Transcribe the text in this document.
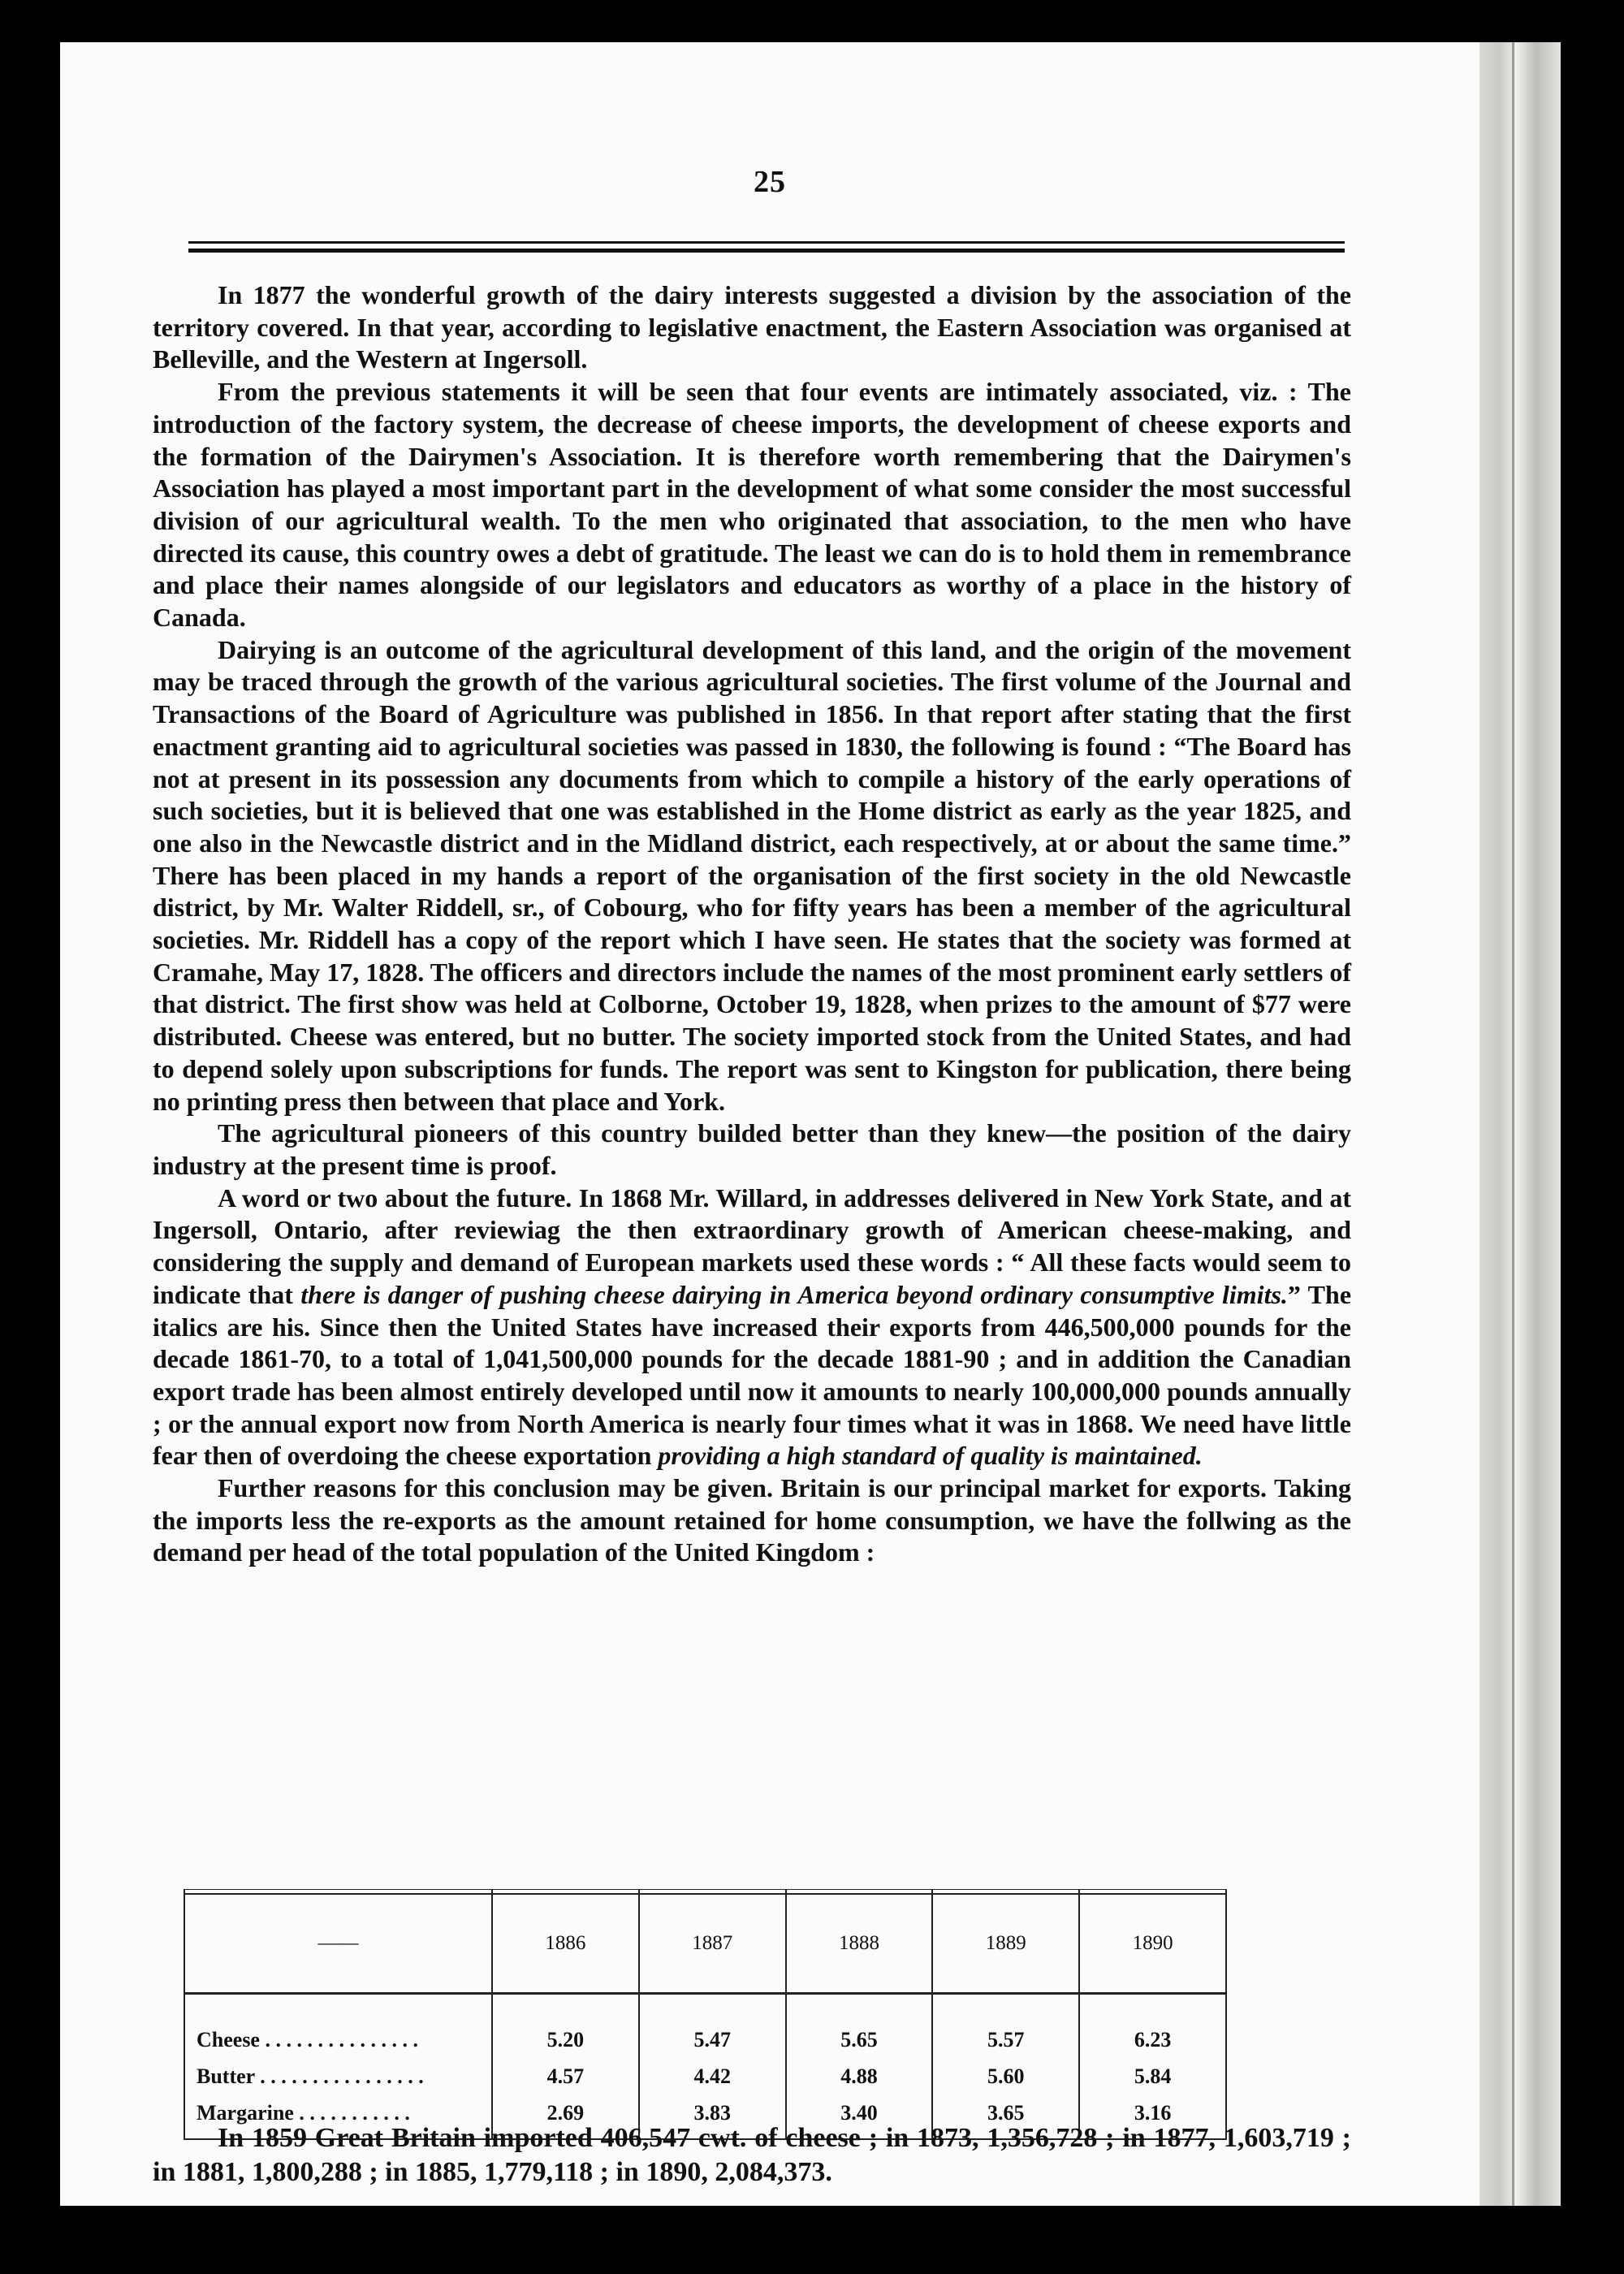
25

In 1877 the wonderful growth of the dairy interests suggested a division by the association of the territory covered. In that year, according to legislative enactment, the Eastern Association was organised at Belleville, and the Western at Ingersoll.

From the previous statements it will be seen that four events are intimately associated, viz. : The introduction of the factory system, the decrease of cheese imports, the development of cheese exports and the formation of the Dairymen's Association. It is therefore worth remembering that the Dairymen's Association has played a most important part in the development of what some consider the most successful division of our agricultural wealth. To the men who originated that association, to the men who have directed its cause, this country owes a debt of gratitude. The least we can do is to hold them in remembrance and place their names alongside of our legislators and educators as worthy of a place in the history of Canada.

Dairying is an outcome of the agricultural development of this land, and the origin of the movement may be traced through the growth of the various agricultural societies. The first volume of the Journal and Transactions of the Board of Agriculture was published in 1856. In that report after stating that the first enactment granting aid to agricultural societies was passed in 1830, the following is found : “The Board has not at present in its possession any documents from which to compile a history of the early operations of such societies, but it is believed that one was established in the Home district as early as the year 1825, and one also in the Newcastle district and in the Midland district, each respectively, at or about the same time.” There has been placed in my hands a report of the organisation of the first society in the old Newcastle district, by Mr. Walter Riddell, sr., of Cobourg, who for fifty years has been a member of the agricultural societies. Mr. Riddell has a copy of the report which I have seen. He states that the society was formed at Cramahe, May 17, 1828. The officers and directors include the names of the most prominent early settlers of that district. The first show was held at Colborne, October 19, 1828, when prizes to the amount of $77 were distributed. Cheese was entered, but no butter. The society imported stock from the United States, and had to depend solely upon subscriptions for funds. The report was sent to Kingston for publication, there being no printing press then between that place and York.

The agricultural pioneers of this country builded better than they knew—the position of the dairy industry at the present time is proof.

A word or two about the future. In 1868 Mr. Willard, in addresses delivered in New York State, and at Ingersoll, Ontario, after reviewiag the then extraordinary growth of American cheese-making, and considering the supply and demand of European markets used these words : “ All these facts would seem to indicate that there is danger of pushing cheese dairying in America beyond ordinary consumptive limits.” The italics are his. Since then the United States have increased their exports from 446,500,000 pounds for the decade 1861-70, to a total of 1,041,500,000 pounds for the decade 1881-90 ; and in addition the Canadian export trade has been almost entirely developed until now it amounts to nearly 100,000,000 pounds annually ; or the annual export now from North America is nearly four times what it was in 1868. We need have little fear then of overdoing the cheese exportation providing a high standard of quality is maintained.

Further reasons for this conclusion may be given. Britain is our principal market for exports. Taking the imports less the re-exports as the amount retained for home consumption, we have the follwing as the demand per head of the total population of the United Kingdom :

——	1886	1887	1888	1889	1890
Cheese . . . . . . . . . . . . . . .	5.20	5.47	5.65	5.57	6.23
Butter . . . . . . . . . . . . . . . .	4.57	4.42	4.88	5.60	5.84
Margarine . . . . . . . . . . .	2.69	3.83	3.40	3.65	3.16
In 1859 Great Britain imported 406,547 cwt. of cheese ; in 1873, 1,356,728 ; in 1877, 1,603,719 ; in 1881, 1,800,288 ; in 1885, 1,779,118 ; in 1890, 2,084,373.
